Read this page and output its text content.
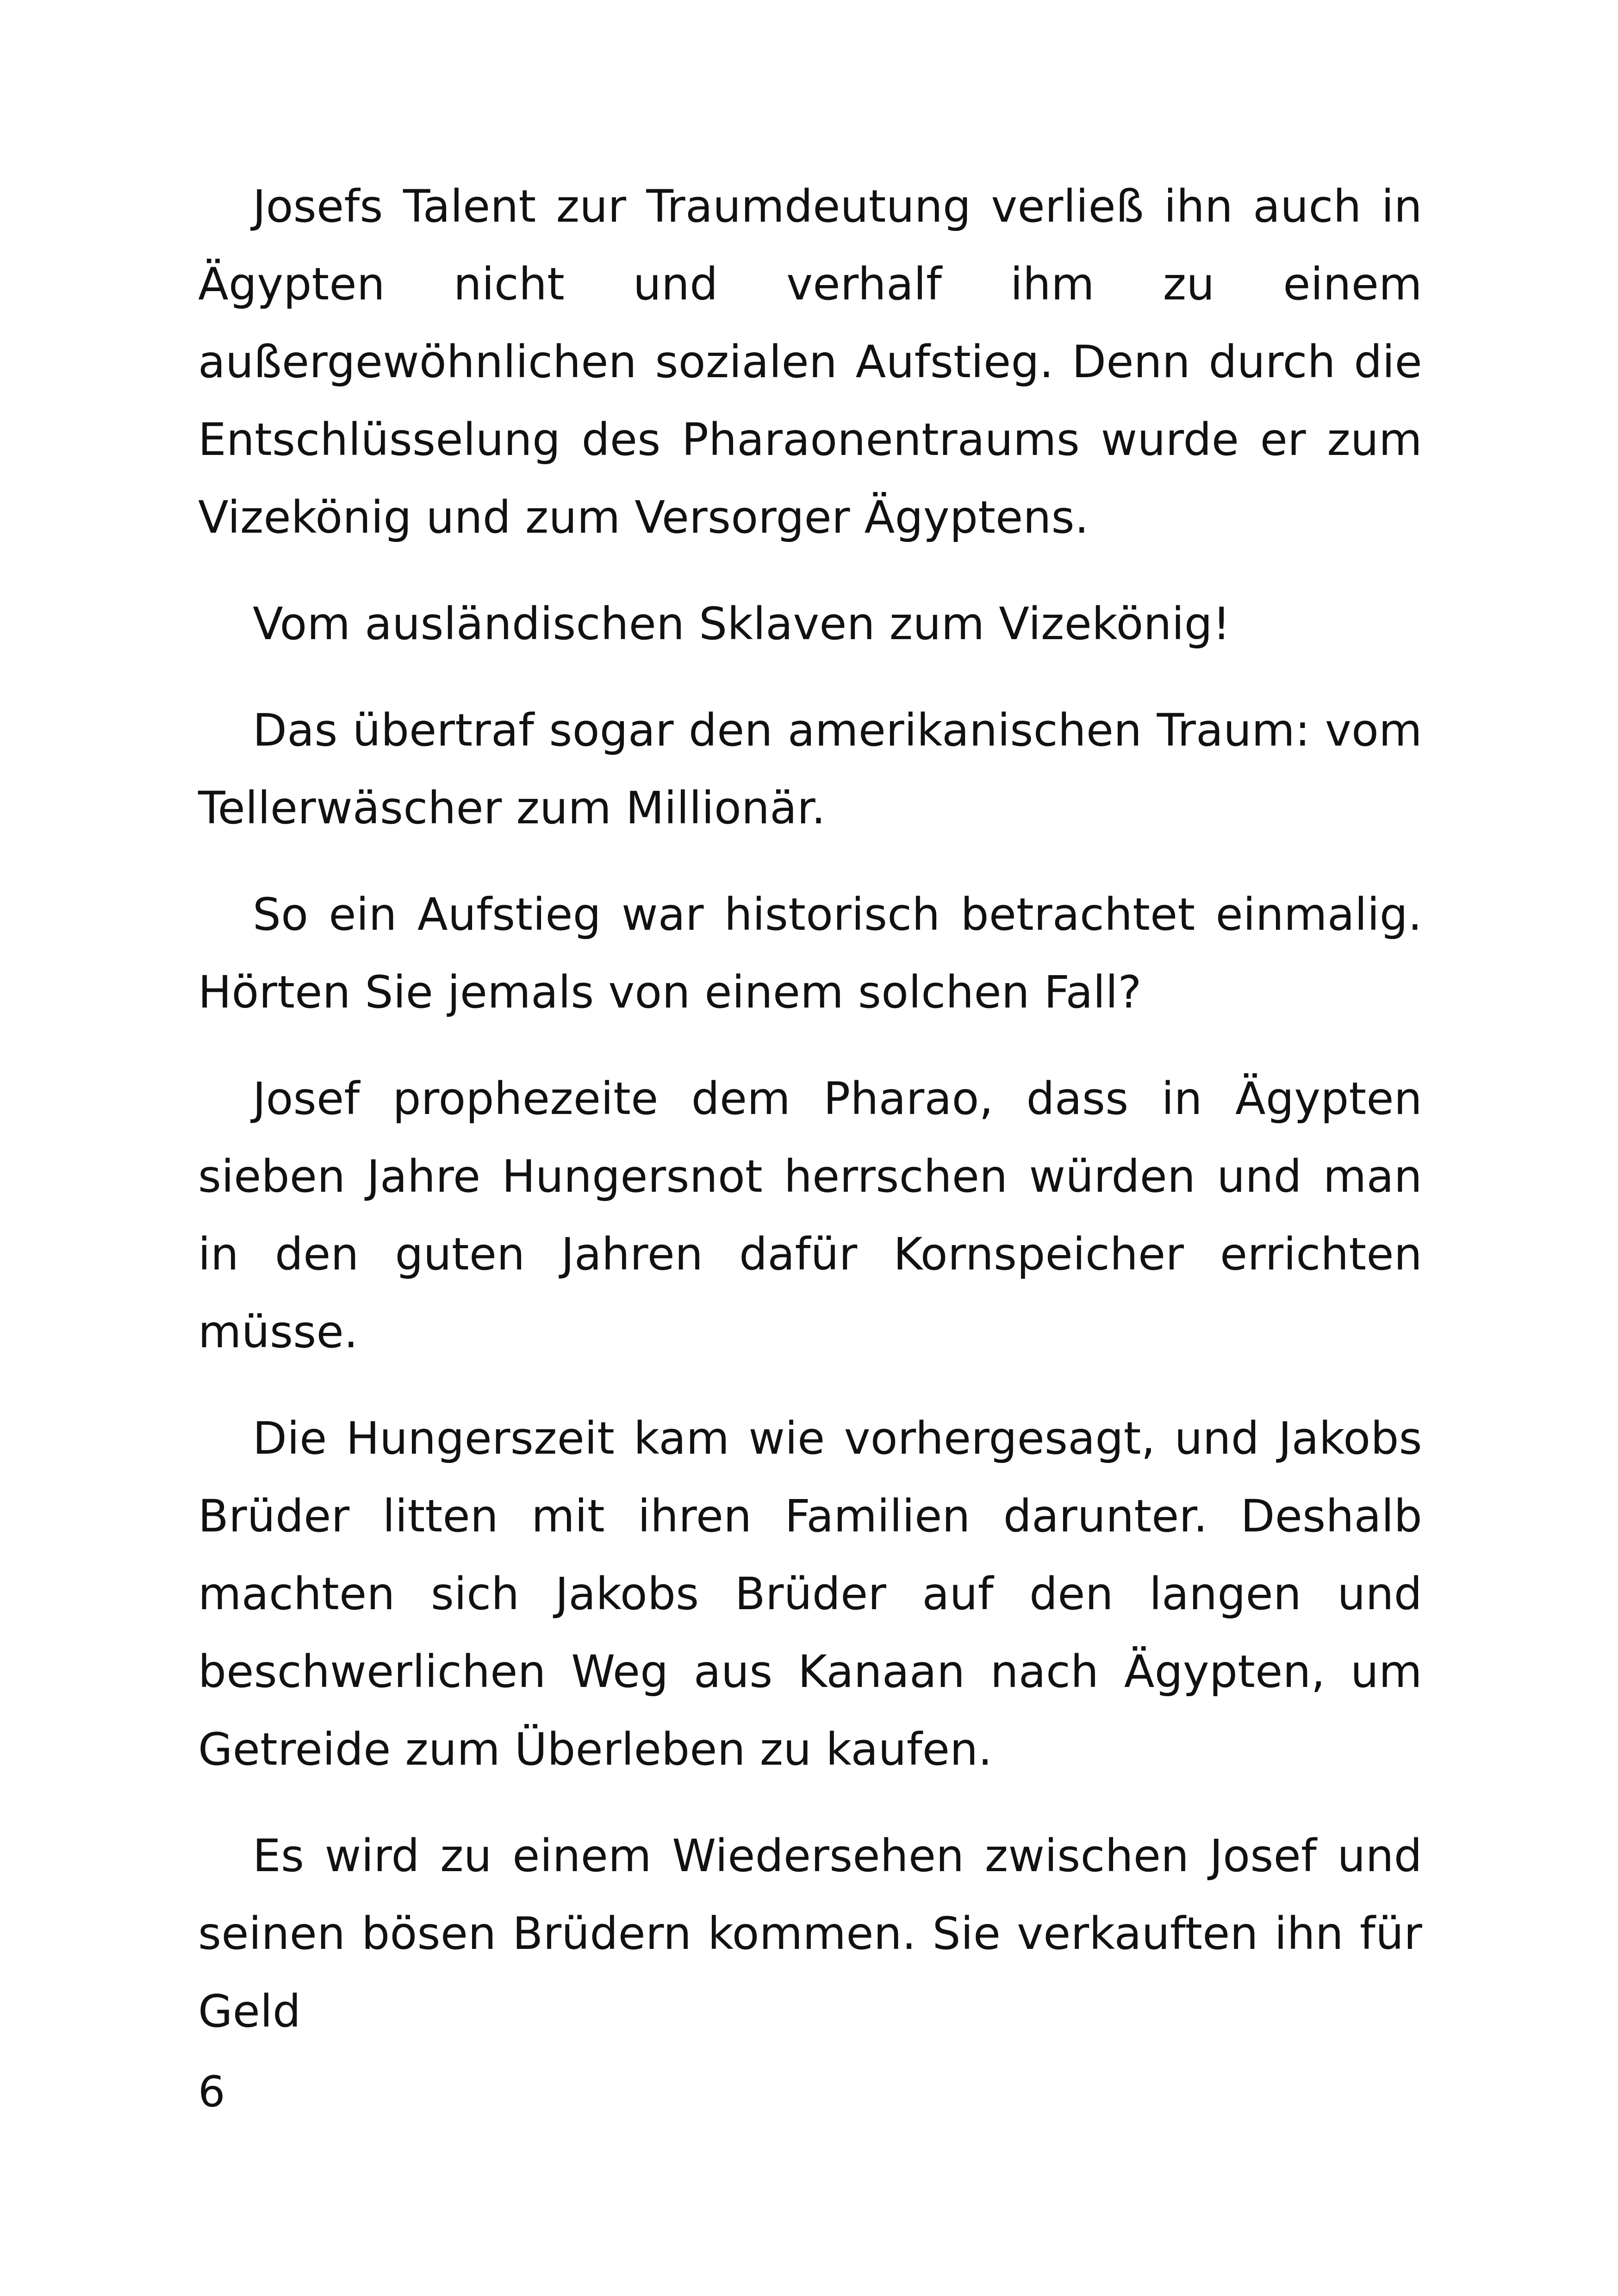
Josefs Talent zur Traumdeutung verließ ihn auch in Ägypten nicht und verhalf ihm zu einem außergewöhnlichen sozialen Aufstieg. Denn durch die Entschlüsselung des Pharaonentraums wurde er zum Vizekönig und zum Versorger Ägyptens.

Vom ausländischen Sklaven zum Vizekönig!

Das übertraf sogar den amerikanischen Traum: vom Tellerwäscher zum Millionär.

So ein Aufstieg war historisch betrachtet einmalig. Hörten Sie jemals von einem solchen Fall?

Josef prophezeite dem Pharao, dass in Ägypten sieben Jahre Hungersnot herrschen würden und man in den guten Jahren dafür Kornspeicher errichten müsse.

Die Hungerszeit kam wie vorhergesagt, und Jakobs Brüder litten mit ihren Familien darunter. Deshalb machten sich Jakobs Brüder auf den langen und beschwerlichen Weg aus Kanaan nach Ägypten, um Getreide zum Überleben zu kaufen.

Es wird zu einem Wiedersehen zwischen Josef und seinen bösen Brüdern kommen. Sie verkauften ihn für Geld

6
